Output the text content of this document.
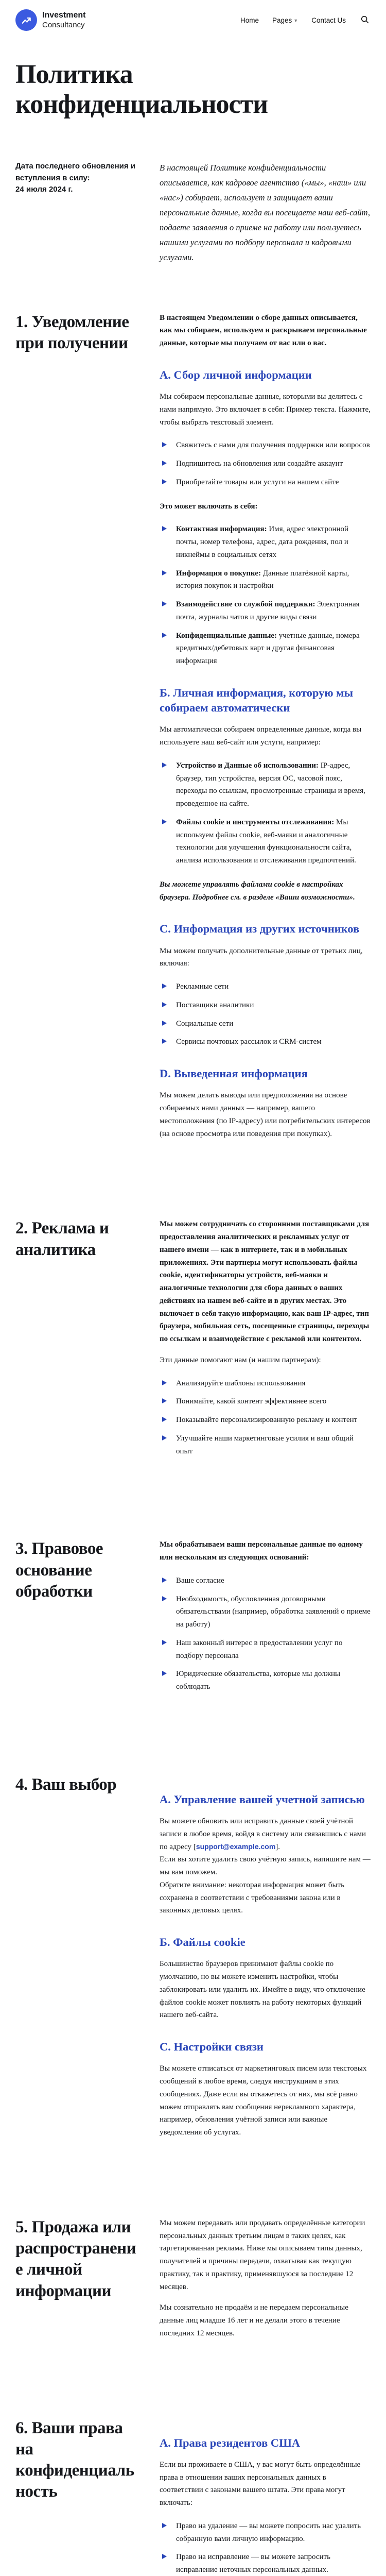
Investment
Consultancy
Home Pages ▼ Contact Us
Политика конфиденциальности
Дата последнего обновления и вступления в силу:
24 июля 2024 г.

В настоящей Политике конфиденциальности описывается, как кадровое агентство («мы», «наш» или «нас») собирает, использует и защищает ваши персональные данные, когда вы посещаете наш веб-сайт, подаете заявления о приеме на работу или пользуетесь нашими услугами по подбору персонала и кадровыми услугами.

1. Уведомление при получении

В настоящем Уведомлении о сборе данных описывается, как мы собираем, используем и раскрываем персональные данные, которые мы получаем от вас или о вас.

А. Сбор личной информации

Мы собираем персональные данные, которыми вы делитесь с нами напрямую. Это включает в себя: Пример текста. Нажмите, чтобы выбрать текстовый элемент.

Свяжитесь с нами для получения поддержки или вопросов
Подпишитесь на обновления или создайте аккаунт
Приобретайте товары или услуги на нашем сайте

Это может включать в себя:

Контактная информация: Имя, адрес электронной почты, номер телефона, адрес, дата рождения, пол и никнеймы в социальных сетях
Информация о покупке: Данные платёжной карты, история покупок и настройки
Взаимодействие со службой поддержки: Электронная почта, журналы чатов и другие виды связи
Конфиденциальные данные: учетные данные, номера кредитных/дебетовых карт и другая финансовая информация
Б. Личная информация, которую мы собираем автоматически

Мы автоматически собираем определенные данные, когда вы используете наш веб-сайт или услуги, например:

Устройство и Данные об использовании: IP-адрес, браузер, тип устройства, версия ОС, часовой пояс, переходы по ссылкам, просмотренные страницы и время, проведенное на сайте.
Файлы cookie и инструменты отслеживания: Мы используем файлы cookie, веб-маяки и аналогичные технологии для улучшения функциональности сайта, анализа использования и отслеживания предпочтений.

Вы можете управлять файлами cookie в настройках браузера. Подробнее см. в разделе «Ваши возможности».

С. Информация из других источников

Мы можем получать дополнительные данные от третьих лиц, включая:

Рекламные сети
Поставщики аналитики
Социальные сети
Сервисы почтовых рассылок и CRM-систем
D. Выведенная информация

Мы можем делать выводы или предположения на основе собираемых нами данных — например, вашего местоположения (по IP-адресу) или потребительских интересов (на основе просмотра или поведения при покупках).

2. Реклама и аналитика

Мы можем сотрудничать со сторонними поставщиками для предоставления аналитических и рекламных услуг от нашего имени — как в интернете, так и в мобильных приложениях. Эти партнеры могут использовать файлы cookie, идентификаторы устройств, веб-маяки и аналогичные технологии для сбора данных о ваших действиях на нашем веб-сайте и в других местах. Это включает в себя такую информацию, как ваш IP-адрес, тип браузера, мобильная сеть, посещенные страницы, переходы по ссылкам и взаимодействие с рекламой или контентом.

Эти данные помогают нам (и нашим партнерам):

Анализируйте шаблоны использования
Понимайте, какой контент эффективнее всего
Показывайте персонализированную рекламу и контент
Улучшайте наши маркетинговые усилия и ваш общий опыт
3. Правовое основание обработки

Мы обрабатываем ваши персональные данные по одному или нескольким из следующих оснований:

Ваше согласие
Необходимость, обусловленная договорными обязательствами (например, обработка заявлений о приеме на работу)
Наш законный интерес в предоставлении услуг по подбору персонала
Юридические обязательства, которые мы должны соблюдать
4. Ваш выбор
А. Управление вашей учетной записью

Вы можете обновить или исправить данные своей учётной записи в любое время, войдя в систему или связавшись с нами по адресу [support@example.com].
Если вы хотите удалить свою учётную запись, напишите нам — мы вам поможем.
Обратите внимание: некоторая информация может быть сохранена в соответствии с требованиями закона или в законных деловых целях.

Б. Файлы cookie

Большинство браузеров принимают файлы cookie по умолчанию, но вы можете изменить настройки, чтобы заблокировать или удалить их. Имейте в виду, что отключение файлов cookie может повлиять на работу некоторых функций нашего веб-сайта.

С. Настройки связи

Вы можете отписаться от маркетинговых писем или текстовых сообщений в любое время, следуя инструкциям в этих сообщениях. Даже если вы откажетесь от них, мы всё равно можем отправлять вам сообщения нерекламного характера, например, обновления учётной записи или важные уведомления об услугах.

5. Продажа или распространение личной информации

Мы можем передавать или продавать определённые категории персональных данных третьим лицам в таких целях, как таргетированная реклама. Ниже мы описываем типы данных, получателей и причины передачи, охватывая как текущую практику, так и практику, применявшуюся за последние 12 месяцев.

Мы сознательно не продаём и не передаем персональные данные лиц младше 16 лет и не делали этого в течение последних 12 месяцев.

6. Ваши права на конфиденциальность
А. Права резидентов США

Если вы проживаете в США, у вас могут быть определённые права в отношении ваших персональных данных в соответствии с законами вашего штата. Эти права могут включать:

Право на удаление — вы можете попросить нас удалить собранную вами личную информацию.
Право на исправление — вы можете запросить исправление неточных персональных данных.
